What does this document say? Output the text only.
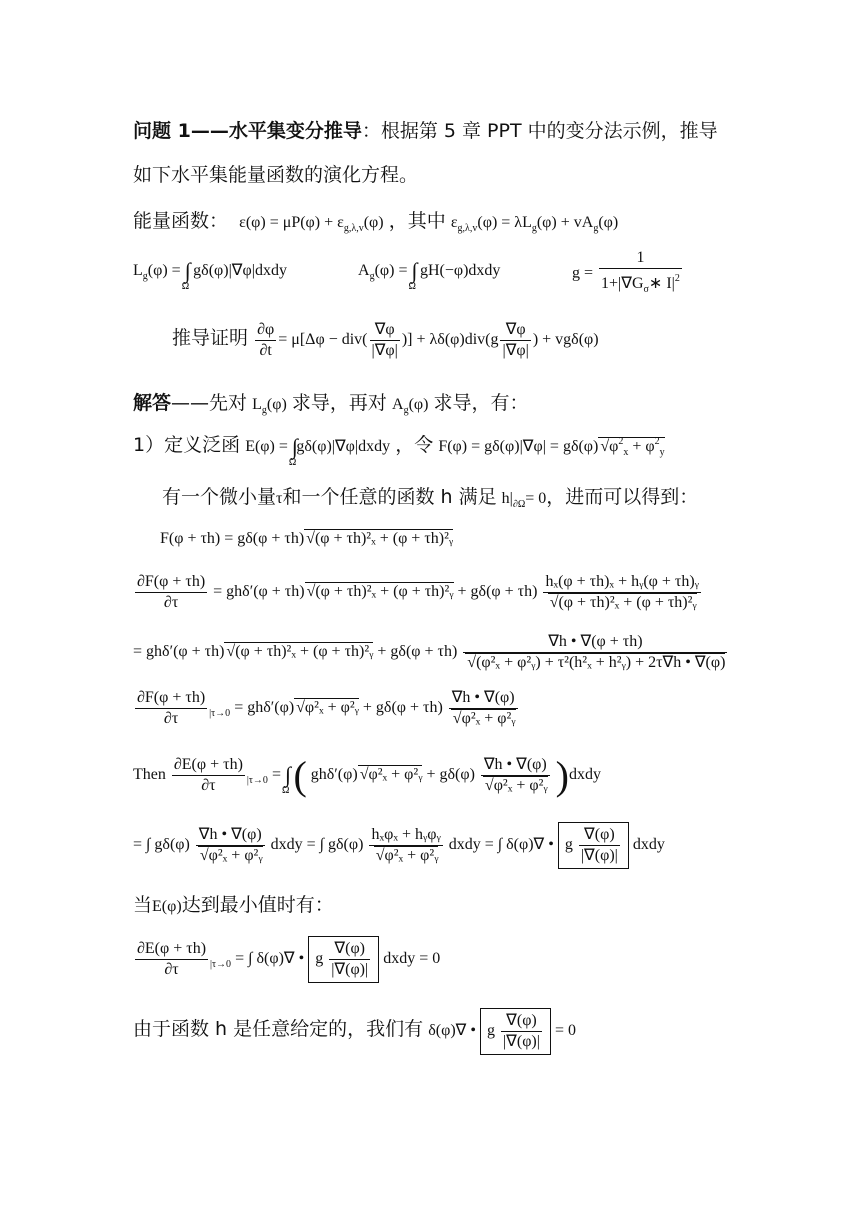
问题 1——水平集变分推导：根据第 5 章 PPT 中的变分法示例，推导
如下水平集能量函数的演化方程。
能量函数： $\varepsilon(\varphi) = \mu P(\varphi) + \varepsilon_{g,\lambda,v}(\varphi)$ ，其中 $\varepsilon_{g,\lambda,v}(\varphi) = \lambda L_g(\varphi) + vA_g(\varphi)$
$L_g(\varphi) = \int\Omega$ gδ(φ)|∇φ|dxdy	$A_g(\varphi) = \int\Omega$ gH(−φ)dxdy	$g = \frac{1}{1+|\nabla G_\sigma∗ I|^2}$
推导证明 $\frac{\partial\varphi}{\partial t} = \mu[\Delta\varphi - div( \frac{\nabla\varphi}{|\nabla\varphi|}$ )] + $\lambda\delta(\varphi)div(g \frac{\nabla\varphi}{|\nabla\varphi|}$ ) + vgδ(φ)
解答——先对 $L_g(\varphi)$ 求导，再对 $A_g(\varphi)$ 求导，有：
1）定义泛函 E(φ) = ∫Ωgδ(φ)|∇φ|dxdy ，令 F(φ) = gδ(φ)|∇φ| = gδ(φ) $√\varphi^2_x + \varphi^2_y$
有一个微小量τ和一个任意的函数 h 满足 $h|_{\partial\Omega}= 0$，进而可以得到：
F(φ + τh) = gδ(φ + τh) √(φ + τh)²ₓ + (φ + τh)²ᵧ
$\frac{\partial F(\varphi + \tau h)}{\partial\tau} = gh\delta'(\varphi + \tau h) √(\varphi + \tau h)^2_x + (\varphi$ + τh)²ᵧ + $g\delta(\varphi + \tau h) \frac{\text{hₓ(φ + τh)ₓ + hᵧ(φ + τh)ᵧ}}{\text{√(φ + τh)²ₓ + (φ + τh)²ᵧ}}$
= ghδ′(φ + τh) √(φ + τh)²ₓ + (φ + τh)²ᵧ + $g\delta(\varphi + \tau h) \frac{\nabla h • \nabla(\varphi + \tau h)}{\text{√(φ²ₓ + φ²ᵧ) + τ²(h²ₓ + h²ᵧ) + 2τ∇h • ∇(φ)}}$
$\frac{\partial F(\varphi + \tau h)}{\partial\tau} _{|\tau\to 0} = gh\delta'(\varphi) √\varphi^2_x$ + φ²ᵧ + $g\delta(\varphi + \tau h) \frac{\nabla h • \nabla(\varphi)}{\text{√φ²ₓ + φ²ᵧ}}$
Then $\frac{\partial E(\varphi + \tau h)}{\partial\tau} _{|\tau\to 0} = \int\Omega$ ( ghδ′(φ) √φ²ₓ + φ²ᵧ + $g\delta(\varphi) \frac{\nabla h • \nabla(\varphi)}{\text{√φ²ₓ + φ²ᵧ}}$ )dxdy
= ∫ $g\delta(\varphi) \frac{\nabla h • \nabla(\varphi)}{\text{√φ²ₓ + φ²ᵧ}}$ dxdy = ∫ $g\delta(\varphi) \frac{\text{hₓφₓ + hᵧφᵧ}}{\text{√φ²ₓ + φ²ᵧ}}$ dxdy = ∫ δ(φ)∇ • g $\frac{\nabla(\varphi)}{|\nabla(\varphi)|}$ dxdy
当E(φ)达到最小值时有：
$\frac{\partial E(\varphi + \tau h)}{\partial\tau} _{|\tau\to 0}$ = ∫ δ(φ)∇ • g $\frac{\nabla(\varphi)}{|\nabla(\varphi)|}$ dxdy = 0
由于函数 h 是任意给定的，我们有 δ(φ)∇ • g $\frac{\nabla(\varphi)}{|\nabla(\varphi)|} = 0$
